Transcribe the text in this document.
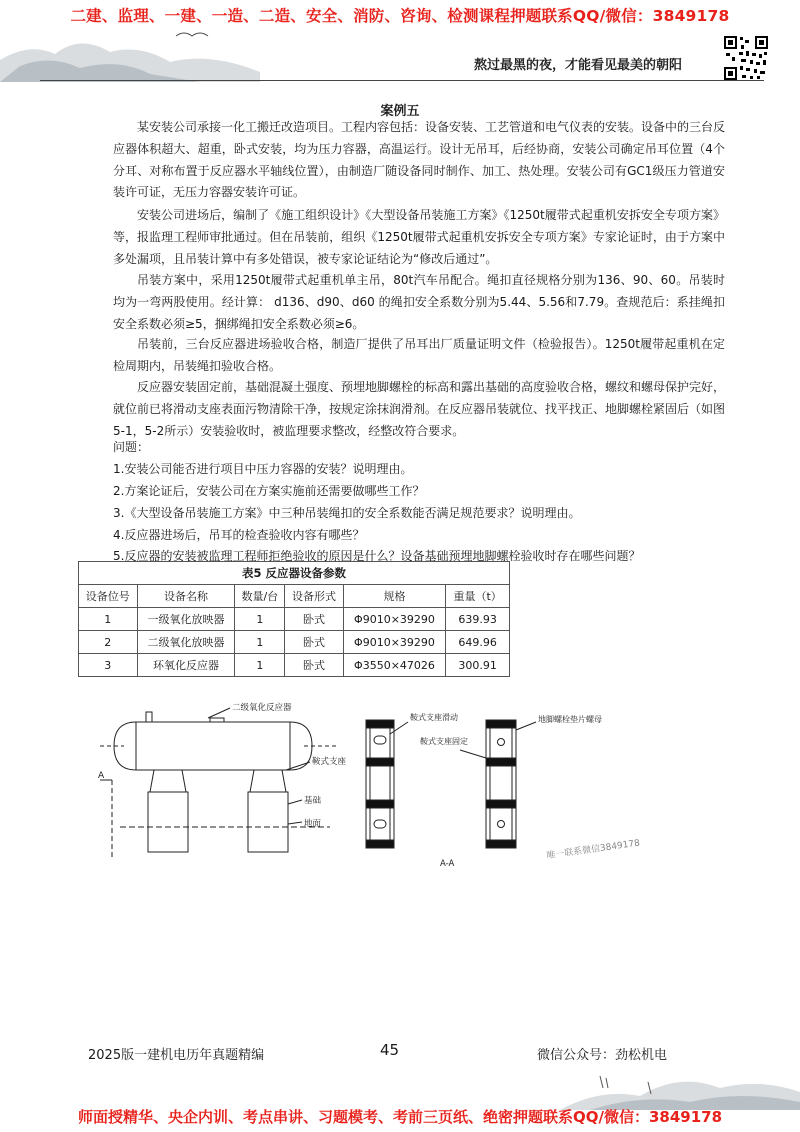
二建、监理、一建、一造、二造、安全、消防、咨询、检测课程押题联系QQ/微信：3849178
熬过最黑的夜，才能看见最美的朝阳
案例五

某安装公司承接一化工搬迁改造项目。工程内容包括：设备安装、工艺管道和电气仪表的安装。设备中的三台反应器体积超大、超重，卧式安装，均为压力容器，高温运行。设计无吊耳，后经协商，安装公司确定吊耳位置（4个分耳、对称布置于反应器水平轴线位置），由制造厂随设备同时制作、加工、热处理。安装公司有GC1级压力管道安装许可证，无压力容器安装许可证。

安装公司进场后，编制了《施工组织设计》《大型设备吊装施工方案》《1250t履带式起重机安拆安全专项方案》等，报监理工程师审批通过。但在吊装前，组织《1250t履带式起重机安拆安全专项方案》专家论证时，由于方案中多处漏项，且吊装计算中有多处错误，被专家论证结论为“修改后通过”。

吊装方案中，采用1250t履带式起重机单主吊，80t汽车吊配合。绳扣直径规格分别为136、90、60。吊装时均为一弯两股使用。经计算： d136、d90、d60 的绳扣安全系数分别为5.44、5.56和7.79。查规范后：系挂绳扣安全系数必须≥5，捆绑绳扣安全系数必须≥6。

吊装前，三台反应器进场验收合格，制造厂提供了吊耳出厂质量证明文件（检验报告）。1250t履带起重机在定检周期内，吊装绳扣验收合格。

反应器安装固定前，基础混凝土强度、预埋地脚螺栓的标高和露出基础的高度验收合格，螺纹和螺母保护完好，就位前已将滑动支座表面污物清除干净，按规定涂抹润滑剂。在反应器吊装就位、找平找正、地脚螺栓紧固后（如图5-1，5-2所示）安装验收时，被监理要求整改，经整改符合要求。

问题：
1.安装公司能否进行项目中压力容器的安装？说明理由。
2.方案论证后，安装公司在方案实施前还需要做哪些工作？
3.《大型设备吊装施工方案》中三种吊装绳扣的安全系数能否满足规范要求？说明理由。
4.反应器进场后，吊耳的检查验收内容有哪些？
5.反应器的安装被监理工程师拒绝验收的原因是什么？设备基础预埋地脚螺栓验收时存在哪些问题？
表5 反应器设备参数
设备位号	设备名称	数量/台	设备形式	规格	重量（t）
1	一级氧化放映器	1	卧式	Φ9010×39290	639.93
2	二级氧化放映器	1	卧式	Φ9010×39290	649.96
3	环氧化反应器	1	卧式	Φ3550×47026	300.91
二级氧化反应器
鞍式支座
基础
地面
A
鞍式支座滑动
鞍式支座固定
地脚螺栓垫片螺母
A-A
唯一联系微信3849178
2025版一建机电历年真题精编	45	微信公众号：劲松机电
师面授精华、央企内训、考点串讲、习题模考、考前三页纸、绝密押题联系QQ/微信：3849178
